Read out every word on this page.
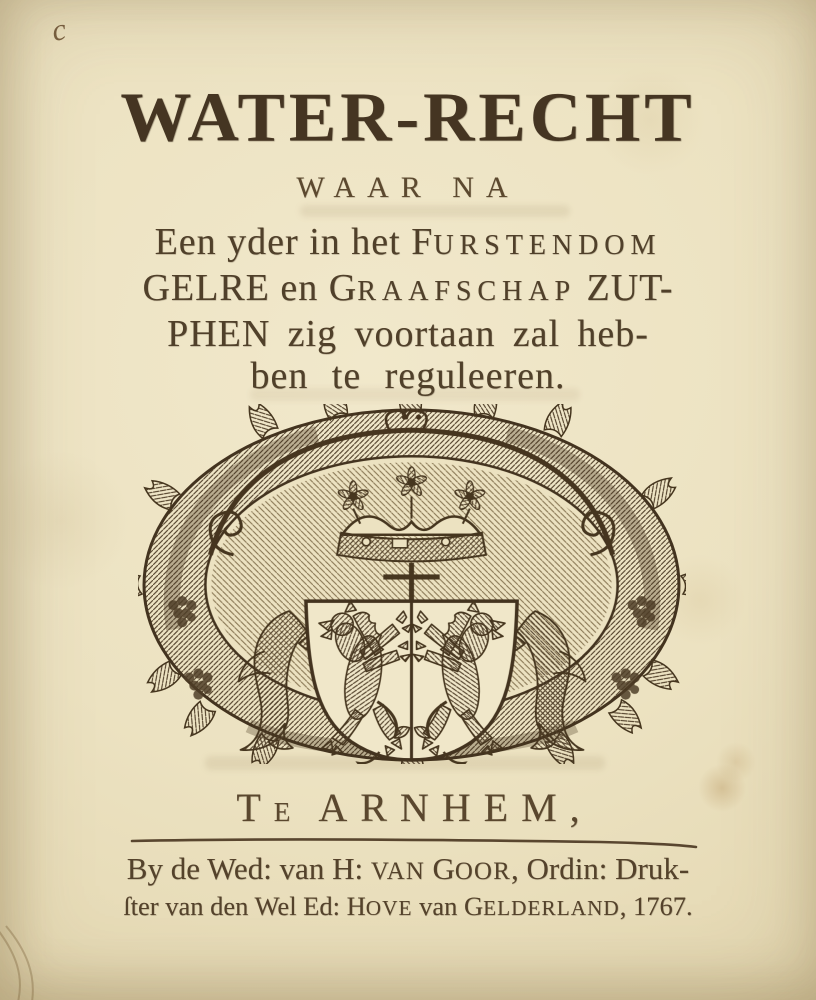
c
WATER-RECHT
WAAR NA
Een yder in het FURSTENDOM
GELRE en GRAAFSCHAP ZUT-
PHEN zig voortaan zal heb-
ben te reguleeren.
TE ARNHEM,
By de Wed: van H: VAN GOOR, Ordin: Druk-
ſter van den Wel Ed: HOVE van GELDERLAND, 1767.
